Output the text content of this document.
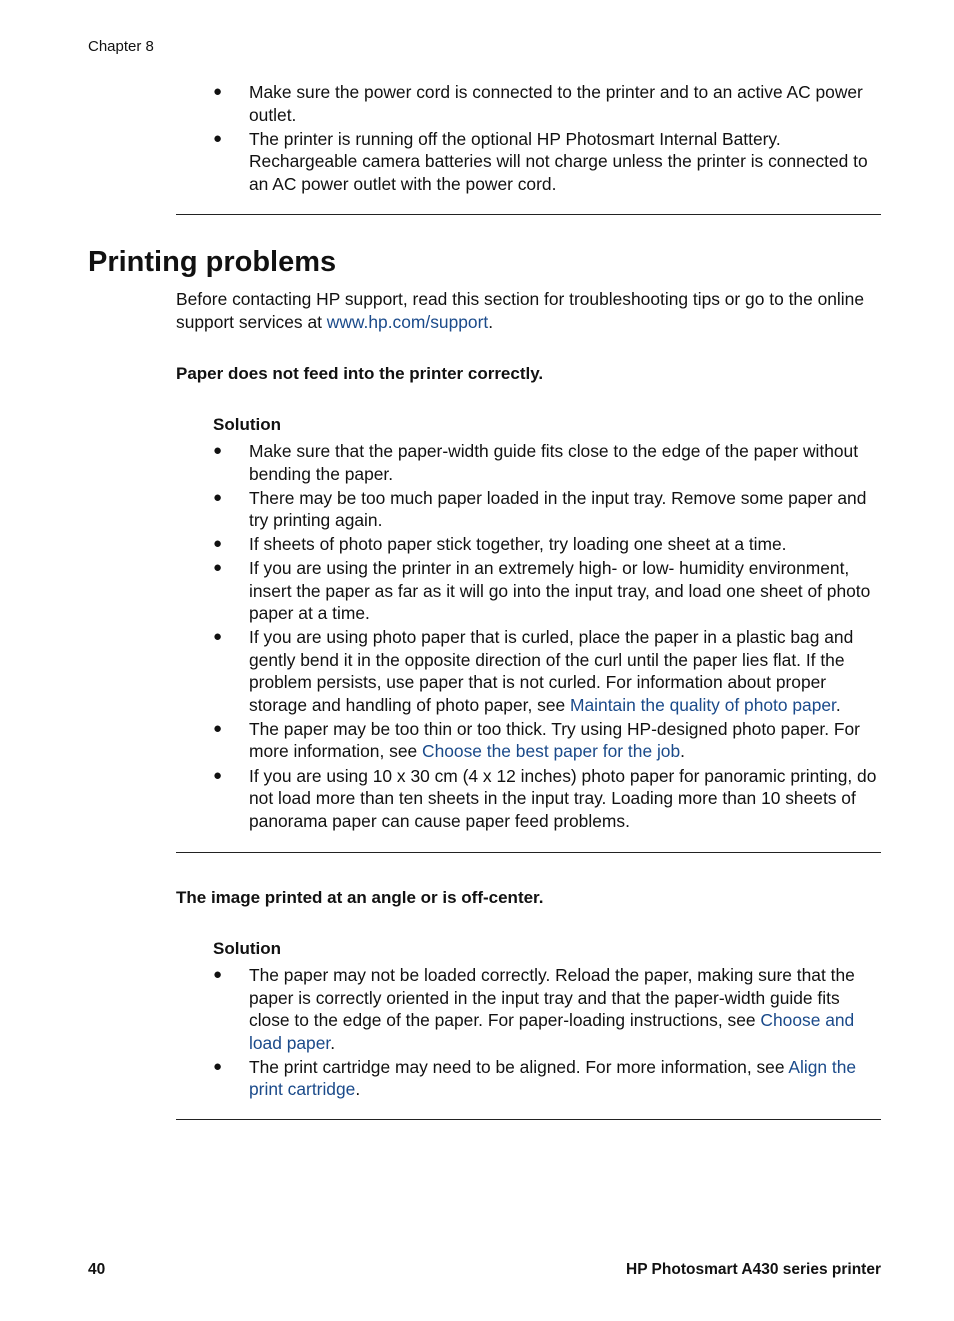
Chapter 8
● Make sure the power cord is connected to the printer and to an active AC power outlet.
● The printer is running off the optional HP Photosmart Internal Battery. Rechargeable camera batteries will not charge unless the printer is connected to an AC power outlet with the power cord.
Printing problems
Before contacting HP support, read this section for troubleshooting tips or go to the online support services at www.hp.com/support.
Paper does not feed into the printer correctly.
Solution
● Make sure that the paper-width guide fits close to the edge of the paper without bending the paper.
● There may be too much paper loaded in the input tray. Remove some paper and try printing again.
● If sheets of photo paper stick together, try loading one sheet at a time.
● If you are using the printer in an extremely high- or low- humidity environment, insert the paper as far as it will go into the input tray, and load one sheet of photo paper at a time.
● If you are using photo paper that is curled, place the paper in a plastic bag and gently bend it in the opposite direction of the curl until the paper lies flat. If the problem persists, use paper that is not curled. For information about proper storage and handling of photo paper, see Maintain the quality of photo paper.
● The paper may be too thin or too thick. Try using HP-designed photo paper. For more information, see Choose the best paper for the job.
● If you are using 10 x 30 cm (4 x 12 inches) photo paper for panoramic printing, do not load more than ten sheets in the input tray. Loading more than 10 sheets of panorama paper can cause paper feed problems.
The image printed at an angle or is off-center.
Solution
● The paper may not be loaded correctly. Reload the paper, making sure that the paper is correctly oriented in the input tray and that the paper-width guide fits close to the edge of the paper. For paper-loading instructions, see Choose and load paper.
● The print cartridge may need to be aligned. For more information, see Align the print cartridge.
40	HP Photosmart A430 series printer
